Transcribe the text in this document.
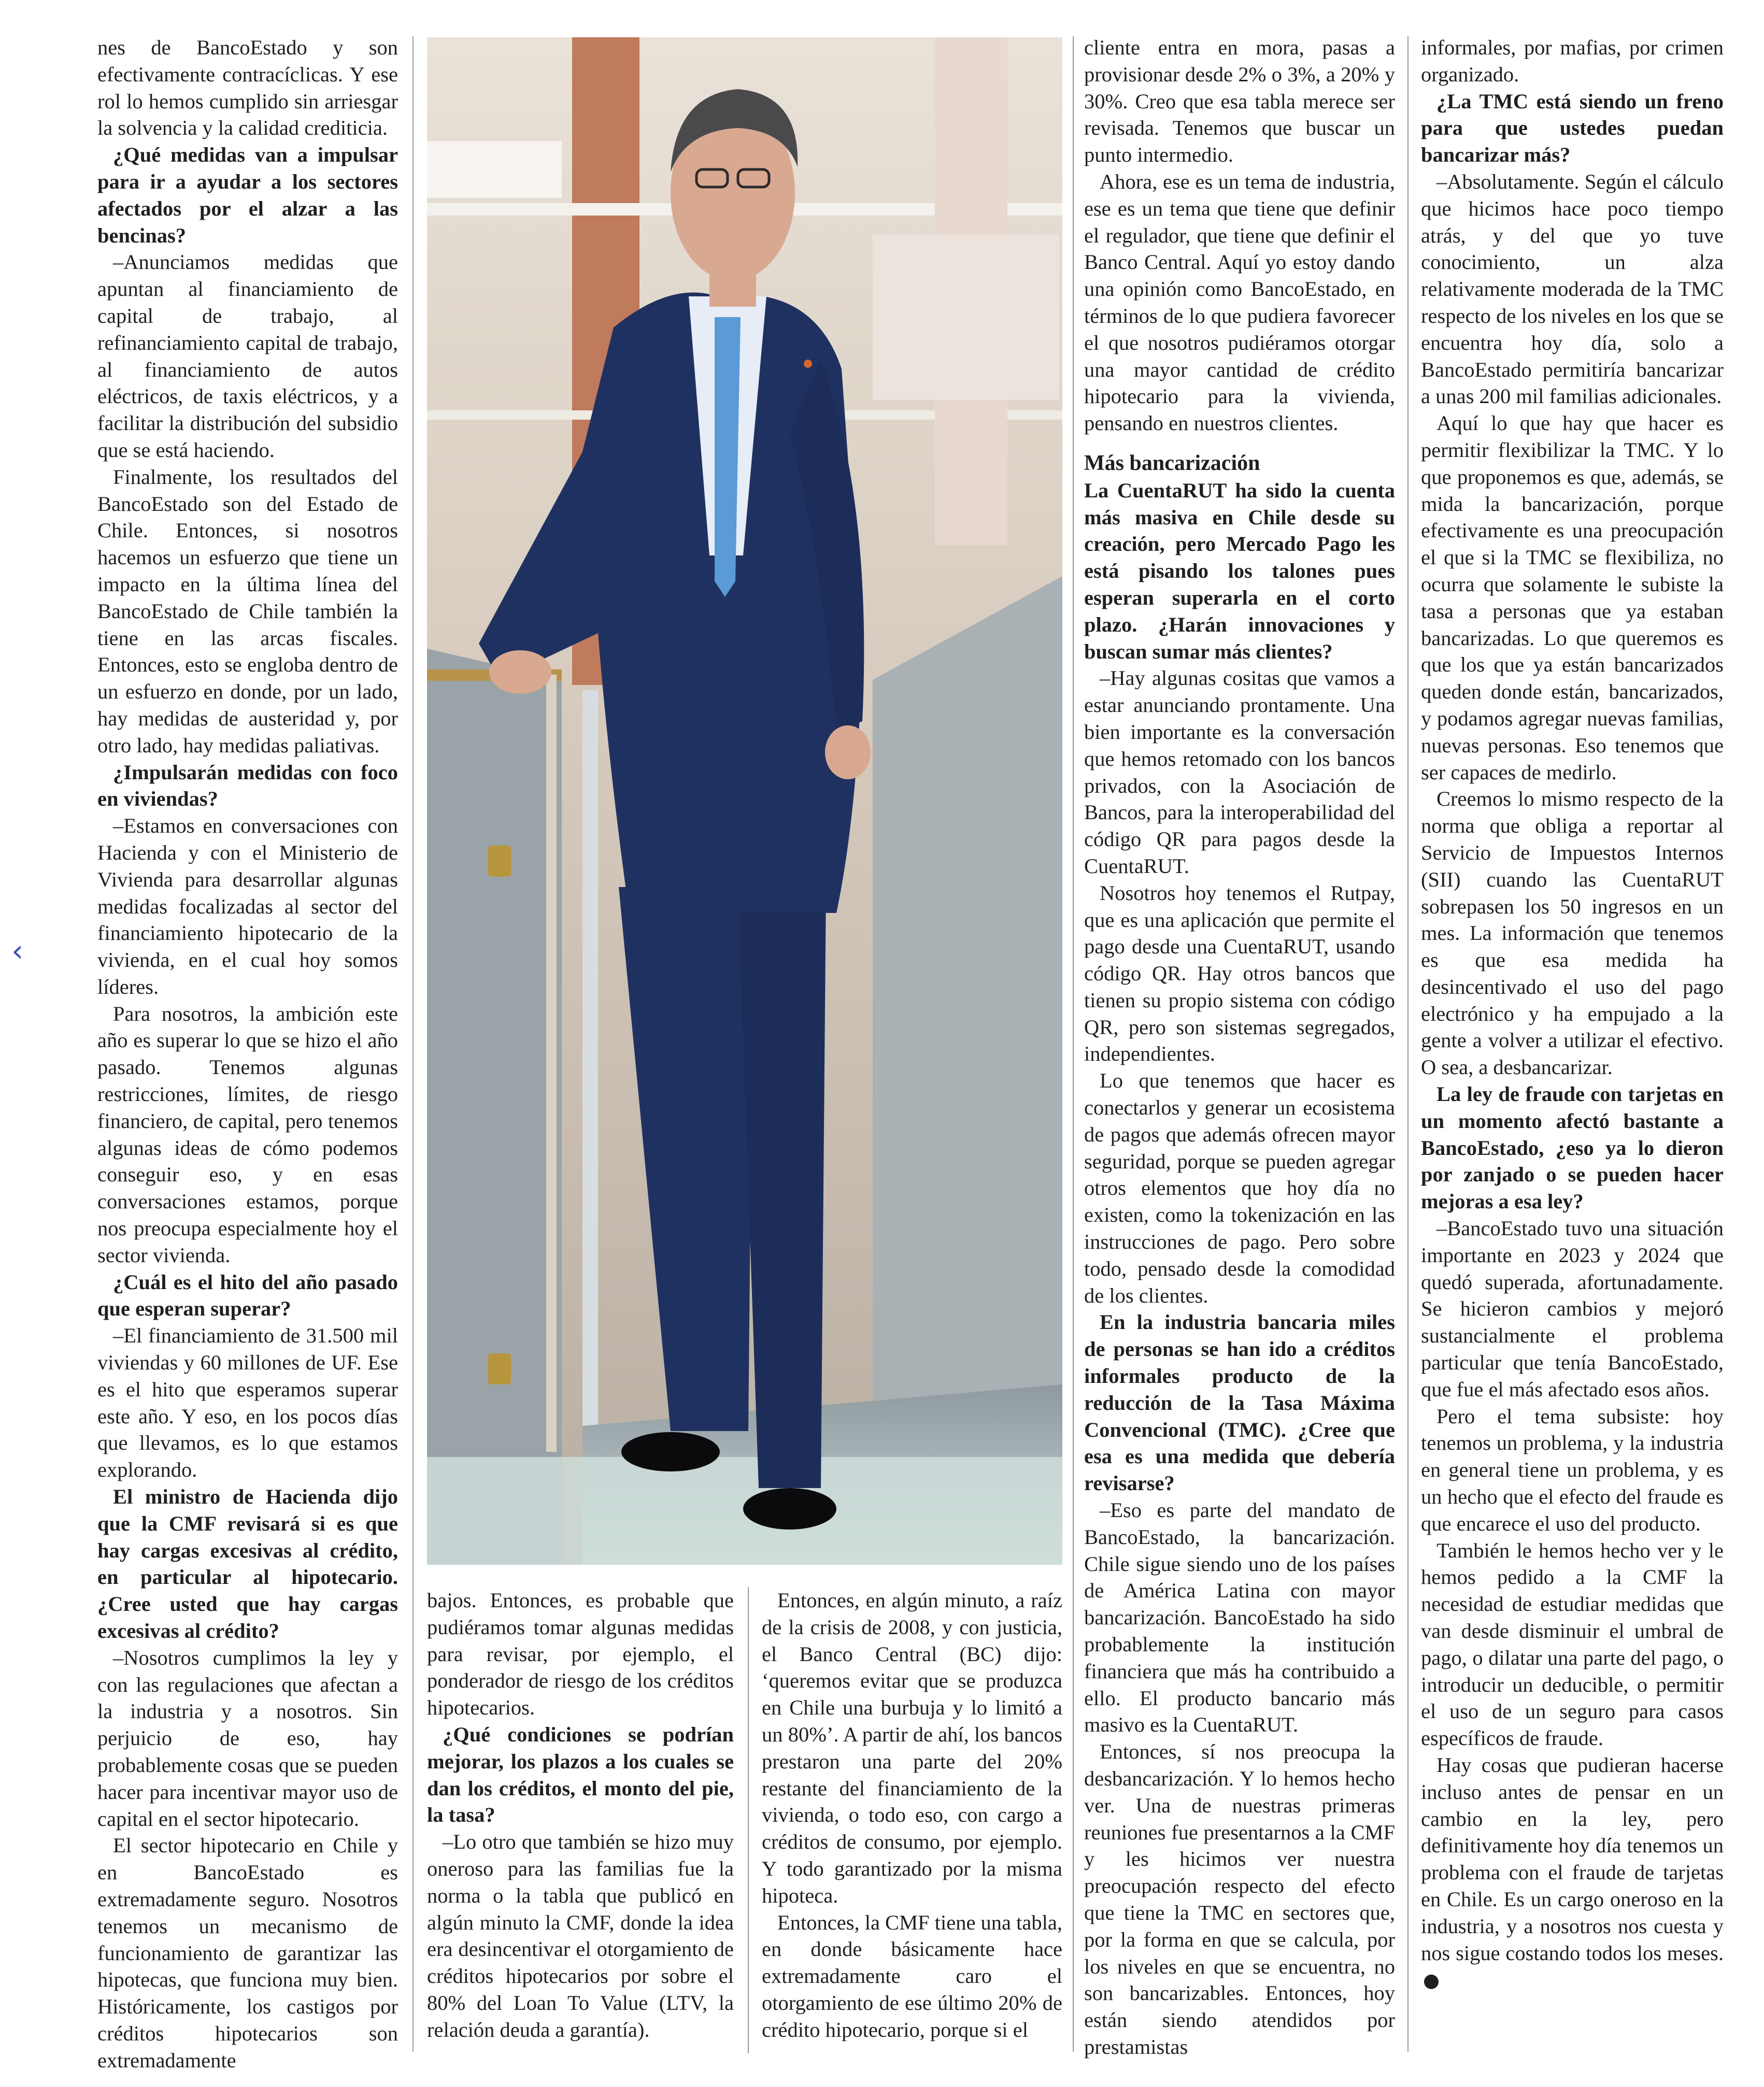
‹

nes de BancoEstado y son efectivamente contracíclicas. Y ese rol lo hemos cumplido sin arriesgar la solvencia y la calidad crediticia.

¿Qué medidas van a impulsar para ir a ayudar a los sectores afectados por el alzar a las bencinas?

–Anunciamos medidas que apuntan al financiamiento de capital de trabajo, al refinanciamiento capital de trabajo, al financiamiento de autos eléctricos, de taxis eléctricos, y a facilitar la distribución del subsidio que se está haciendo.

Finalmente, los resultados del BancoEstado son del Estado de Chile. Entonces, si nosotros hacemos un esfuerzo que tiene un impacto en la última línea del BancoEstado de Chile también la tiene en las arcas fiscales. Entonces, esto se engloba dentro de un esfuerzo en donde, por un lado, hay medidas de austeridad y, por otro lado, hay medidas paliativas.

¿Impulsarán medidas con foco en viviendas?

–Estamos en conversaciones con Hacienda y con el Ministerio de Vivienda para desarrollar algunas medidas focalizadas al sector del financiamiento hipotecario de la vivienda, en el cual hoy somos líderes.

Para nosotros, la ambición este año es superar lo que se hizo el año pasado. Tenemos algunas restricciones, límites, de riesgo financiero, de capital, pero tenemos algunas ideas de cómo podemos conseguir eso, y en esas conversaciones estamos, porque nos preocupa especialmente hoy el sector vivienda.

¿Cuál es el hito del año pasado que esperan superar?

–El financiamiento de 31.500 mil viviendas y 60 millones de UF. Ese es el hito que esperamos superar este año. Y eso, en los pocos días que llevamos, es lo que estamos explorando.

El ministro de Hacienda dijo que la CMF revisará si es que hay cargas excesivas al crédito, en particular al hipotecario. ¿Cree usted que hay cargas excesivas al crédito?

–Nosotros cumplimos la ley y con las regulaciones que afectan a la industria y a nosotros. Sin perjuicio de eso, hay probablemente cosas que se pueden hacer para incentivar mayor uso de capital en el sector hipotecario.

El sector hipotecario en Chile y en BancoEstado es extremadamente seguro. Nosotros tenemos un mecanismo de funcionamiento de garantizar las hipotecas, que funciona muy bien. Históricamente, los castigos por créditos hipotecarios son extremadamente

bajos. Entonces, es probable que pudiéramos tomar algunas medidas para revisar, por ejemplo, el ponderador de riesgo de los créditos hipotecarios.

¿Qué condiciones se podrían mejorar, los plazos a los cuales se dan los créditos, el monto del pie, la tasa?

–Lo otro que también se hizo muy oneroso para las familias fue la norma o la tabla que publicó en algún minuto la CMF, donde la idea era desincentivar el otorgamiento de créditos hipotecarios por sobre el 80% del Loan To Value (LTV, la relación deuda a garantía).

Entonces, en algún minuto, a raíz de la crisis de 2008, y con justicia, el Banco Central (BC) dijo: ‘queremos evitar que se produzca en Chile una burbuja y lo limitó a un 80%’. A partir de ahí, los bancos prestaron una parte del 20% restante del financiamiento de la vivienda, o todo eso, con cargo a créditos de consumo, por ejemplo. Y todo garantizado por la misma hipoteca.

Entonces, la CMF tiene una tabla, en donde básicamente hace extremadamente caro el otorgamiento de ese último 20% de crédito hipotecario, porque si el

cliente entra en mora, pasas a provisionar desde 2% o 3%, a 20% y 30%. Creo que esa tabla merece ser revisada. Tenemos que buscar un punto intermedio.

Ahora, ese es un tema de industria, ese es un tema que tiene que definir el regulador, que tiene que definir el Banco Central. Aquí yo estoy dando una opinión como BancoEstado, en términos de lo que pudiera favorecer el que nosotros pudiéramos otorgar una mayor cantidad de crédito hipotecario para la vivienda, pensando en nuestros clientes.

Más bancarización

La CuentaRUT ha sido la cuenta más masiva en Chile desde su creación, pero Mercado Pago les está pisando los talones pues esperan superarla en el corto plazo. ¿Harán innovaciones y buscan sumar más clientes?

–Hay algunas cositas que vamos a estar anunciando prontamente. Una bien importante es la conversación que hemos retomado con los bancos privados, con la Asociación de Bancos, para la interoperabilidad del código QR para pagos desde la CuentaRUT.

Nosotros hoy tenemos el Rutpay, que es una aplicación que permite el pago desde una CuentaRUT, usando código QR. Hay otros bancos que tienen su propio sistema con código QR, pero son sistemas segregados, independientes.

Lo que tenemos que hacer es conectarlos y generar un ecosistema de pagos que además ofrecen mayor seguridad, porque se pueden agregar otros elementos que hoy día no existen, como la tokenización en las instrucciones de pago. Pero sobre todo, pensado desde la comodidad de los clientes.

En la industria bancaria miles de personas se han ido a créditos informales producto de la reducción de la Tasa Máxima Convencional (TMC). ¿Cree que esa es una medida que debería revisarse?

–Eso es parte del mandato de BancoEstado, la bancarización. Chile sigue siendo uno de los países de América Latina con mayor bancarización. BancoEstado ha sido probablemente la institución financiera que más ha contribuido a ello. El producto bancario más masivo es la CuentaRUT.

Entonces, sí nos preocupa la desbancarización. Y lo hemos hecho ver. Una de nuestras primeras reuniones fue presentarnos a la CMF y les hicimos ver nuestra preocupación respecto del efecto que tiene la TMC en sectores que, por la forma en que se calcula, por los niveles en que se encuentra, no son bancarizables. Entonces, hoy están siendo atendidos por prestamistas

informales, por mafias, por crimen organizado.

¿La TMC está siendo un freno para que ustedes puedan bancarizar más?

–Absolutamente. Según el cálculo que hicimos hace poco tiempo atrás, y del que yo tuve conocimiento, un alza relativamente moderada de la TMC respecto de los niveles en los que se encuentra hoy día, solo a BancoEstado permitiría bancarizar a unas 200 mil familias adicionales.

Aquí lo que hay que hacer es permitir flexibilizar la TMC. Y lo que proponemos es que, además, se mida la bancarización, porque efectivamente es una preocupación el que si la TMC se flexibiliza, no ocurra que solamente le subiste la tasa a personas que ya estaban bancarizadas. Lo que queremos es que los que ya están bancarizados queden donde están, bancarizados, y podamos agregar nuevas familias, nuevas personas. Eso tenemos que ser capaces de medirlo.

Creemos lo mismo respecto de la norma que obliga a reportar al Servicio de Impuestos Internos (SII) cuando las CuentaRUT sobrepasen los 50 ingresos en un mes. La información que tenemos es que esa medida ha desincentivado el uso del pago electrónico y ha empujado a la gente a volver a utilizar el efectivo. O sea, a desbancarizar.

La ley de fraude con tarjetas en un momento afectó bastante a BancoEstado, ¿eso ya lo dieron por zanjado o se pueden hacer mejoras a esa ley?

–BancoEstado tuvo una situación importante en 2023 y 2024 que quedó superada, afortunadamente. Se hicieron cambios y mejoró sustancialmente el problema particular que tenía BancoEstado, que fue el más afectado esos años.

Pero el tema subsiste: hoy tenemos un problema, y la industria en general tiene un problema, y es un hecho que el efecto del fraude es que encarece el uso del producto.

También le hemos hecho ver y le hemos pedido a la CMF la necesidad de estudiar medidas que van desde disminuir el umbral de pago, o dilatar una parte del pago, o introducir un deducible, o permitir el uso de un seguro para casos específicos de fraude.

Hay cosas que pudieran hacerse incluso antes de pensar en un cambio en la ley, pero definitivamente hoy día tenemos un problema con el fraude de tarjetas en Chile. Es un cargo oneroso en la industria, y a nosotros nos cuesta y nos sigue costando todos los meses.●
